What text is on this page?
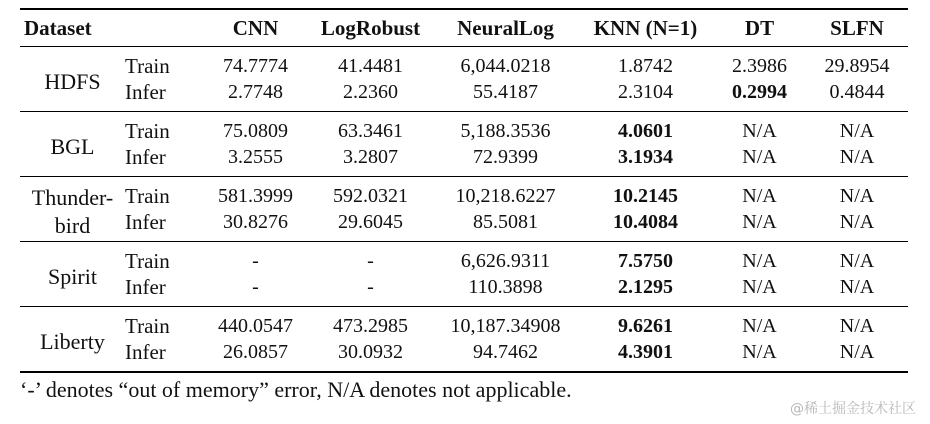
Dataset		CNN	LogRobust	NeuralLog	KNN (N=1)	DT	SLFN
HDFS	Train	74.7774	41.4481	6,044.0218	1.8742	2.3986	29.8954
	Infer	2.7748	2.2360	55.4187	2.3104	0.2994	0.4844
BGL	Train	75.0809	63.3461	5,188.3536	4.0601	N/A	N/A
	Infer	3.2555	3.2807	72.9399	3.1934	N/A	N/A
Thunder-
bird	Train	581.3999	592.0321	10,218.6227	10.2145	N/A	N/A
	Infer	30.8276	29.6045	85.5081	10.4084	N/A	N/A
Spirit	Train	-	-	6,626.9311	7.5750	N/A	N/A
	Infer	-	-	110.3898	2.1295	N/A	N/A
Liberty	Train	440.0547	473.2985	10,187.34908	9.6261	N/A	N/A
	Infer	26.0857	30.0932	94.7462	4.3901	N/A	N/A
‘-’ denotes “out of memory” error, N/A denotes not applicable.
@稀土掘金技术社区
